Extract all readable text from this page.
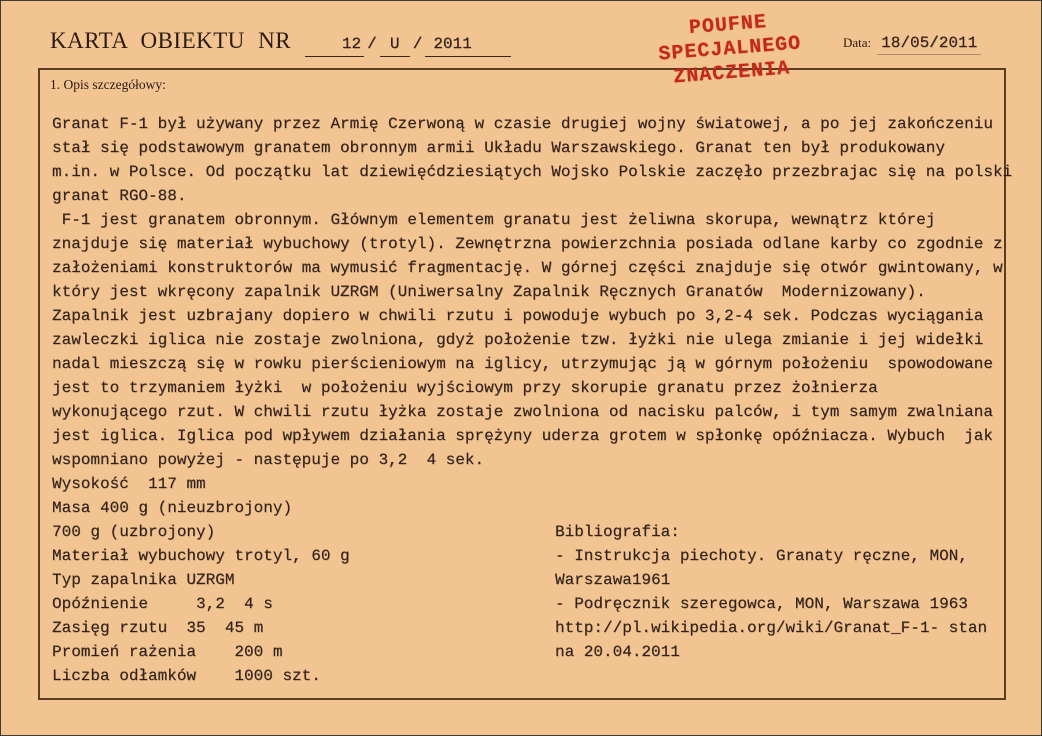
KARTA OBIEKTU NR	12 / U / 2011
POUFNE
SPECJALNEGO
ZNACZENIA
Data: 18/05/2011
1. Opis szczegółowy:
Granat F-1 był używany przez Armię Czerwoną w czasie drugiej wojny światowej, a po jej zakończeniu
stał się podstawowym granatem obronnym armii Układu Warszawskiego. Granat ten był produkowany
m.in. w Polsce. Od początku lat dziewięćdziesiątych Wojsko Polskie zaczęło przezbrajac się na polski
granat RGO-88.
F-1 jest granatem obronnym. Głównym elementem granatu jest żeliwna skorupa, wewnątrz której
znajduje się materiał wybuchowy (trotyl). Zewnętrzna powierzchnia posiada odlane karby co zgodnie z
założeniami konstruktorów ma wymusić fragmentację. W górnej części znajduje się otwór gwintowany, w
który jest wkręcony zapalnik UZRGM (Uniwersalny Zapalnik Ręcznych Granatów  Modernizowany).
Zapalnik jest uzbrajany dopiero w chwili rzutu i powoduje wybuch po 3,2-4 sek. Podczas wyciągania
zawleczki iglica nie zostaje zwolniona, gdyż położenie tzw. łyżki nie ulega zmianie i jej widełki
nadal mieszczą się w rowku pierścieniowym na iglicy, utrzymując ją w górnym położeniu  spowodowane
jest to trzymaniem łyżki  w położeniu wyjściowym przy skorupie granatu przez żołnierza
wykonującego rzut. W chwili rzutu łyżka zostaje zwolniona od nacisku palców, i tym samym zwalniana
jest iglica. Iglica pod wpływem działania sprężyny uderza grotem w spłonkę opóźniacza. Wybuch  jak
wspomniano powyżej - następuje po 3,2  4 sek.
Wysokość  117 mm
Masa 400 g (nieuzbrojony)
700 g (uzbrojony)
Materiał wybuchowy trotyl, 60 g
Typ zapalnika UZRGM
Opóźnienie     3,2  4 s
Zasięg rzutu  35  45 m
Promień rażenia    200 m
Liczba odłamków    1000 szt.
Bibliografia:
- Instrukcja piechoty. Granaty ręczne, MON,
Warszawa1961
- Podręcznik szeregowca, MON, Warszawa 1963
http://pl.wikipedia.org/wiki/Granat_F-1- stan
na 20.04.2011
